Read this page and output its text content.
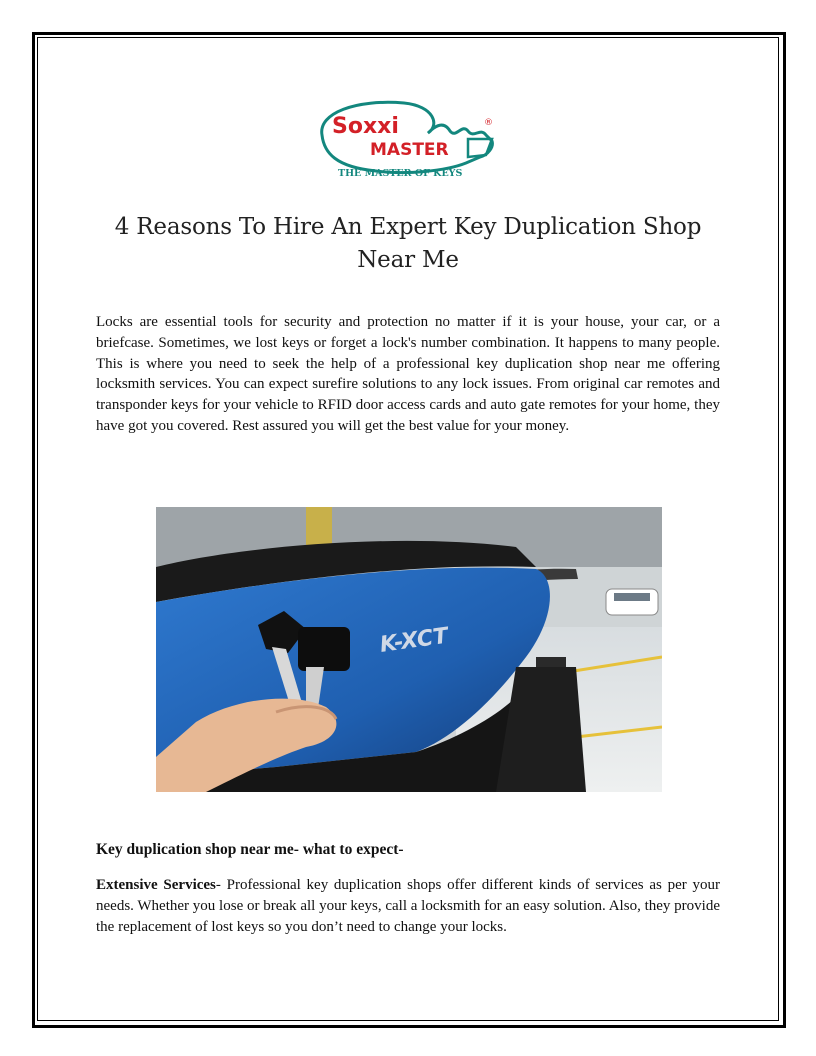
Soxxi
MASTER
®
THE MASTER OF KEYS
4 Reasons To Hire An Expert Key Duplication Shop Near Me

Locks are essential tools for security and protection no matter if it is your house, your car, or a briefcase. Sometimes, we lost keys or forget a lock's number combination. It happens to many people. This is where you need to seek the help of a professional key duplication shop near me offering locksmith services. You can expect surefire solutions to any lock issues. From original car remotes and transponder keys for your vehicle to RFID door access cards and auto gate remotes for your home, they have got you covered. Rest assured you will get the best value for your money.

K-XCT
Key duplication shop near me- what to expect-

Extensive Services- Professional key duplication shops offer different kinds of services as per your needs. Whether you lose or break all your keys, call a locksmith for an easy solution. Also, they provide the replacement of lost keys so you don’t need to change your locks.
